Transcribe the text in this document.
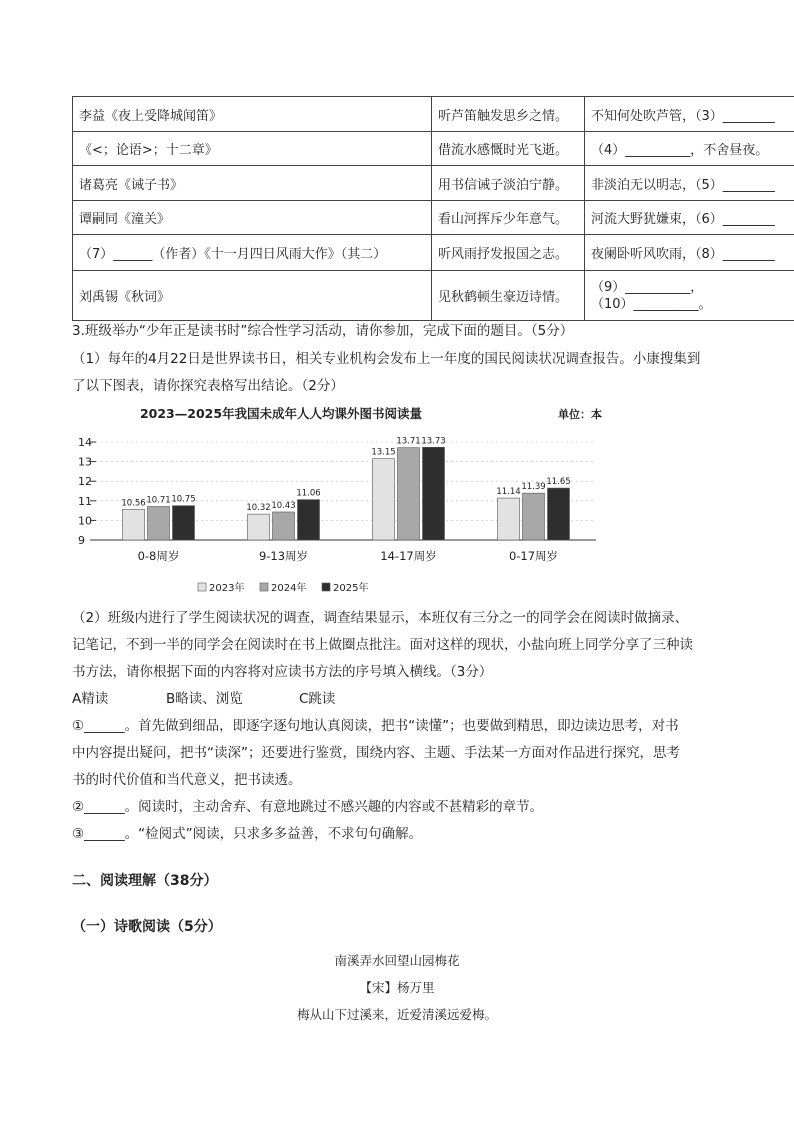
李益《夜上受降城闻笛》	听芦笛触发思乡之情。	不知何处吹芦管，（3）________
《<；论语>；十二章》	借流水感慨时光飞逝。	（4）__________，不舍昼夜。
诸葛亮《诫子书》	用书信诫子淡泊宁静。	非淡泊无以明志，（5）________
谭嗣同《潼关》	看山河挥斥少年意气。	河流大野犹嫌束，（6）________
（7）______（作者）《十一月四日风雨大作》（其二）	听风雨抒发报国之志。	夜阑卧听风吹雨，（8）________
刘禹锡《秋词》	见秋鹤顿生豪迈诗情。	（9）__________，
（10）__________。
3.班级举办“少年正是读书时”综合性学习活动，请你参加，完成下面的题目。（5分）
（1）每年的4月22日是世界读书日，相关专业机构会发布上一年度的国民阅读状况调查报告。小康搜集到
了以下图表，请你探究表格写出结论。（2分）
2023—2025年我国未成年人人均课外图书阅读量	单位：本
9
10
11
12
13
14
10.56 10.71 10.75
10.32 10.43
11.06
13.15
13.71 13.73
11.14 11.39
11.65
0-8周岁	9-13周岁	14-17周岁	0-17周岁
2023年	2024年	2025年
（2）班级内进行了学生阅读状况的调查，调查结果显示，本班仅有三分之一的同学会在阅读时做摘录、
记笔记，不到一半的同学会在阅读时在书上做圈点批注。面对这样的现状，小盐向班上同学分享了三种读
书方法，请你根据下面的内容将对应读书方法的序号填入横线。（3分）
A精读	B略读、浏览	C跳读
①______。首先做到细品，即逐字逐句地认真阅读，把书“读懂”；也要做到精思，即边读边思考，对书
中内容提出疑问，把书“读深”；还要进行鉴赏，围绕内容、主题、手法某一方面对作品进行探究，思考
书的时代价值和当代意义，把书读透。
②______。阅读时，主动舍弃、有意地跳过不感兴趣的内容或不甚精彩的章节。
③______。“检阅式”阅读，只求多多益善，不求句句确解。
二、阅读理解（38分）
（一）诗歌阅读（5分）
南溪弄水回望山园梅花
【宋】杨万里
梅从山下过溪来，近爱清溪远爱梅。
